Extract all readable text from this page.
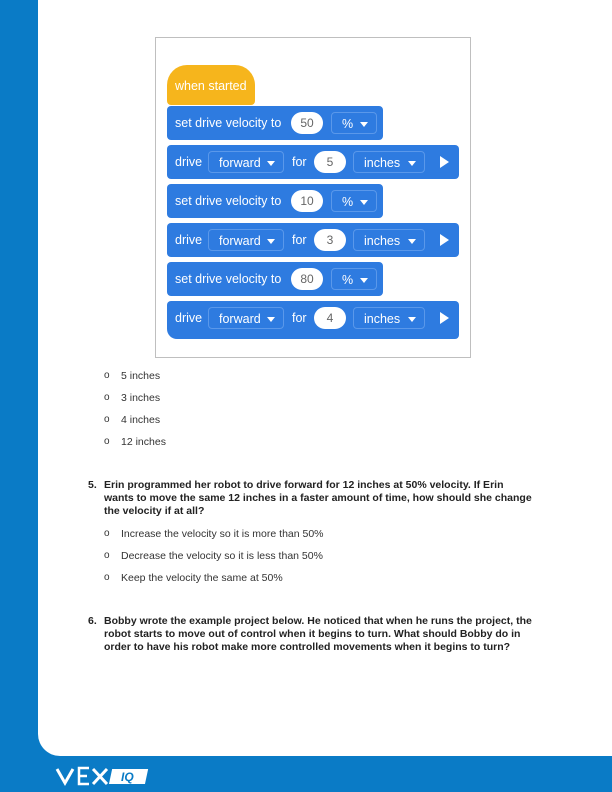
when started
set drive velocity to	50	%
drive	forward	for	5	inches
set drive velocity to	10	%
drive	forward	for	3	inches
set drive velocity to	80	%
drive	forward	for	4	inches
o 5 inches
o 3 inches
o 4 inches
o 12 inches
5. Erin programmed her robot to drive forward for 12 inches at 50% velocity. If Erin wants to move the same 12 inches in a faster amount of time, how should she change the velocity if at all?
o Increase the velocity so it is more than 50%
o Decrease the velocity so it is less than 50%
o Keep the velocity the same at 50%
6. Bobby wrote the example project below. He noticed that when he runs the project, the robot starts to move out of control when it begins to turn. What should Bobby do in order to have his robot make more controlled movements when it begins to turn?
IQ
